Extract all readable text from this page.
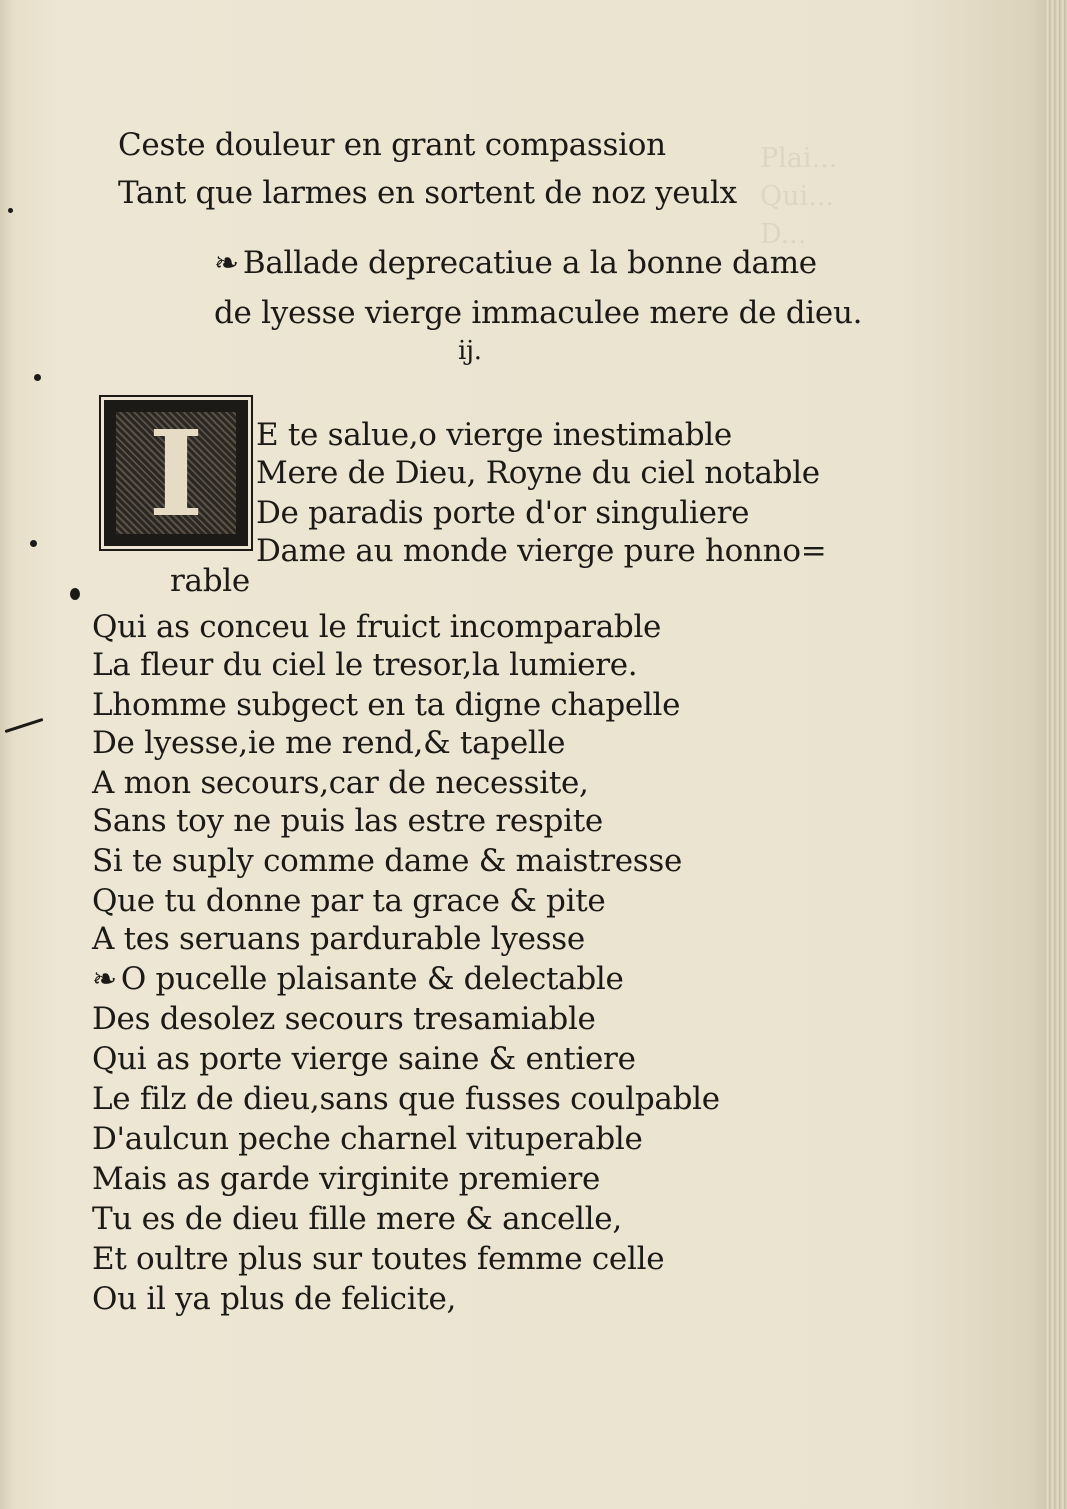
Plai...
Qui...
D...
Ceste douleur en grant compassion
Tant que larmes en sortent de noz yeulx
❧ Ballade deprecatiue a la bonne dame
de lyesse vierge immaculee mere de dieu.
ij.
I	E te salue,o vierge inestimable
Mere de Dieu, Royne du ciel notable
De paradis porte d'or singuliere
Dame au monde vierge pure honno=
rable
Qui as conceu le fruict incomparable
La fleur du ciel le tresor,la lumiere.
Lhomme subgect en ta digne chapelle
De lyesse,ie me rend,& tapelle
A mon secours,car de necessite,
Sans toy ne puis las estre respite
Si te suply comme dame & maistresse
Que tu donne par ta grace & pite
A tes seruans pardurable lyesse
❧ O pucelle plaisante & delectable
Des desolez secours tresamiable
Qui as porte vierge saine & entiere
Le filz de dieu,sans que fusses coulpable
D'aulcun peche charnel vituperable
Mais as garde virginite premiere
Tu es de dieu fille mere & ancelle,
Et oultre plus sur toutes femme celle
Ou il ya plus de felicite,
